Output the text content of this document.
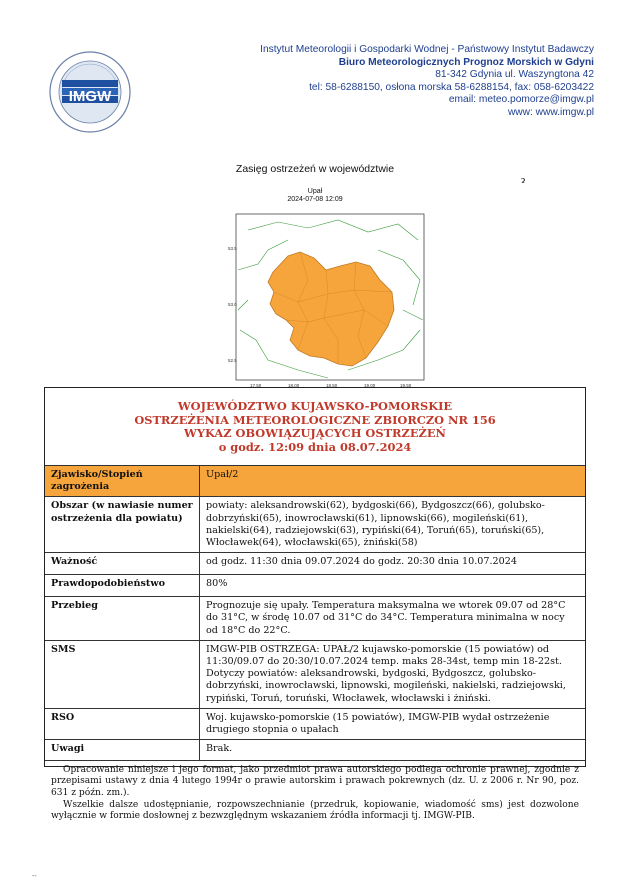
IMGW
Instytut Meteorologii i Gospodarki Wodnej - Państwowy Instytut Badawczy
Biuro Meteorologicznych Prognoz Morskich w Gdyni
81-342 Gdynia ul. Waszyngtona 42
tel: 58-6288150, osłona morska 58-6288154, fax: 058-6203422
email: meteo.pomorze@imgw.pl
www: www.imgw.pl
Zasięg ostrzeżeń w województwie
ɂ
Upał
2024-07-08 12:09
53.5
53.0
52.5
17.50	18.00	18.50	19.00	19.50
WOJEWÓDZTWO KUJAWSKO-POMORSKIE
OSTRZEŻENIA METEOROLOGICZNE ZBIORCZO NR 156
WYKAZ OBOWIĄZUJĄCYCH OSTRZEŻEŃ
o godz. 12:09 dnia 08.07.2024
Zjawisko/Stopień zagrożenia	Upał/2
Obszar (w nawiasie numer ostrzeżenia dla powiatu)	powiaty: aleksandrowski(62), bydgoski(66), Bydgoszcz(66), golubsko-dobrzyński(65), inowrocławski(61), lipnowski(66), mogileński(61), nakielski(64), radziejowski(63), rypiński(64), Toruń(65), toruński(65), Włocławek(64), włocławski(65), żniński(58)
Ważność	od godz. 11:30 dnia 09.07.2024 do godz. 20:30 dnia 10.07.2024
Prawdopodobieństwo	80%
Przebieg	Prognozuje się upały. Temperatura maksymalna we wtorek 09.07 od 28°C do 31°C, w środę 10.07 od 31°C do 34°C. Temperatura minimalna w nocy od 18°C do 22°C.
SMS	IMGW-PIB OSTRZEGA: UPAŁ/2 kujawsko-pomorskie (15 powiatów) od 11:30/09.07 do 20:30/10.07.2024 temp. maks 28-34st, temp min 18-22st. Dotyczy powiatów: aleksandrowski, bydgoski, Bydgoszcz, golubsko-dobrzyński, inowrocławski, lipnowski, mogileński, nakielski, radziejowski, rypiński, Toruń, toruński, Włocławek, włocławski i żniński.
RSO	Woj. kujawsko-pomorskie (15 powiatów), IMGW-PIB wydał ostrzeżenie drugiego stopnia o upałach
Uwagi	Brak.

Opracowanie niniejsze i jego format, jako przedmiot prawa autorskiego podlega ochronie prawnej, zgodnie z przepisami ustawy z dnia 4 lutego 1994r o prawie autorskim i prawach pokrewnych (dz. U. z 2006 r. Nr 90, poz. 631 z późn. zm.).

Wszelkie dalsze udostępnianie, rozpowszechnianie (przedruk, kopiowanie, wiadomość sms) jest dozwolone wyłącznie w formie dosłownej z bezwzględnym wskazaniem źródła informacji tj. IMGW-PIB.

--
